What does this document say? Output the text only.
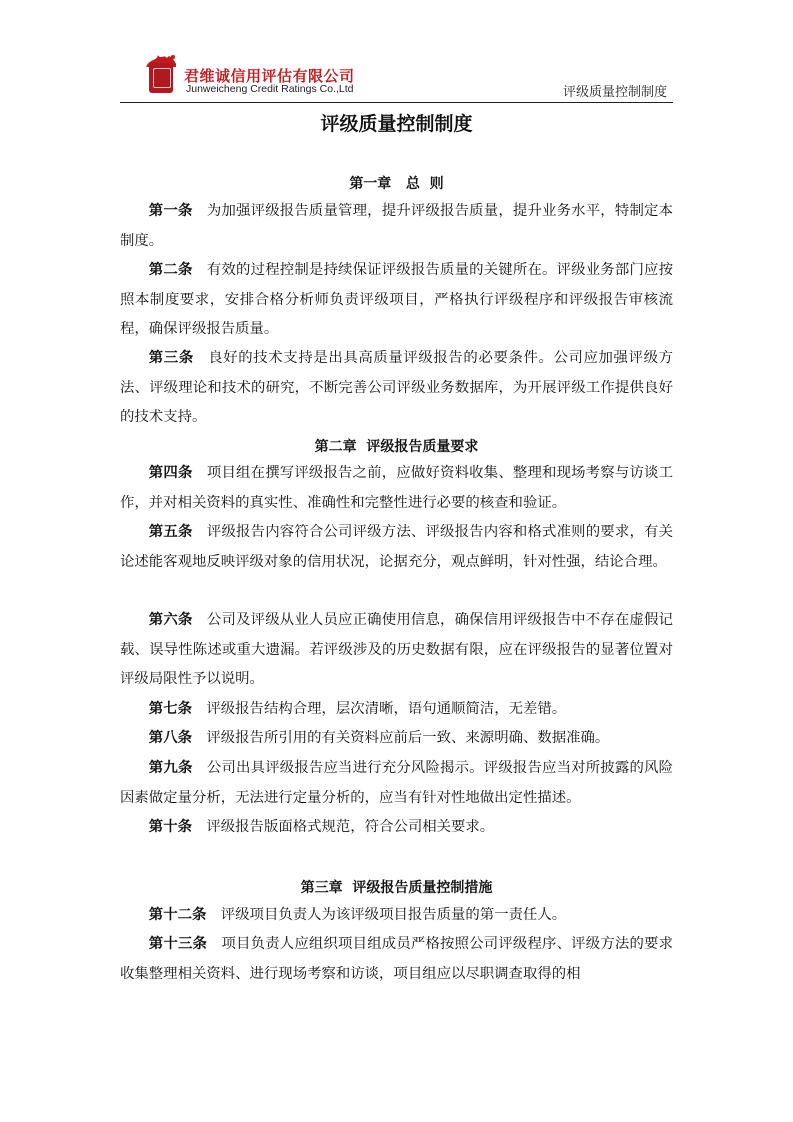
君维诚信用评估有限公司
Junweicheng Credit Ratings Co.,Ltd	评级质量控制制度
评级质量控制制度
第一章   总  则
第一条 为加强评级报告质量管理，提升评级报告质量，提升业务水平，特制定本制度。
第二条 有效的过程控制是持续保证评级报告质量的关键所在。评级业务部门应按照本制度要求，安排合格分析师负责评级项目，严格执行评级程序和评级报告审核流程，确保评级报告质量。
第三条 良好的技术支持是出具高质量评级报告的必要条件。公司应加强评级方法、评级理论和技术的研究，不断完善公司评级业务数据库，为开展评级工作提供良好的技术支持。
第二章  评级报告质量要求
第四条 项目组在撰写评级报告之前，应做好资料收集、整理和现场考察与访谈工作，并对相关资料的真实性、准确性和完整性进行必要的核查和验证。
第五条 评级报告内容符合公司评级方法、评级报告内容和格式准则的要求，有关论述能客观地反映评级对象的信用状况，论据充分，观点鲜明，针对性强，结论合理。
第六条 公司及评级从业人员应正确使用信息，确保信用评级报告中不存在虚假记载、误导性陈述或重大遗漏。若评级涉及的历史数据有限，应在评级报告的显著位置对评级局限性予以说明。
第七条 评级报告结构合理，层次清晰，语句通顺简洁，无差错。
第八条 评级报告所引用的有关资料应前后一致、来源明确、数据准确。
第九条 公司出具评级报告应当进行充分风险揭示。评级报告应当对所披露的风险因素做定量分析，无法进行定量分析的，应当有针对性地做出定性描述。
第十条 评级报告版面格式规范，符合公司相关要求。
第三章  评级报告质量控制措施
第十二条 评级项目负责人为该评级项目报告质量的第一责任人。
第十三条 项目负责人应组织项目组成员严格按照公司评级程序、评级方法的要求收集整理相关资料、进行现场考察和访谈，项目组应以尽职调查取得的相
